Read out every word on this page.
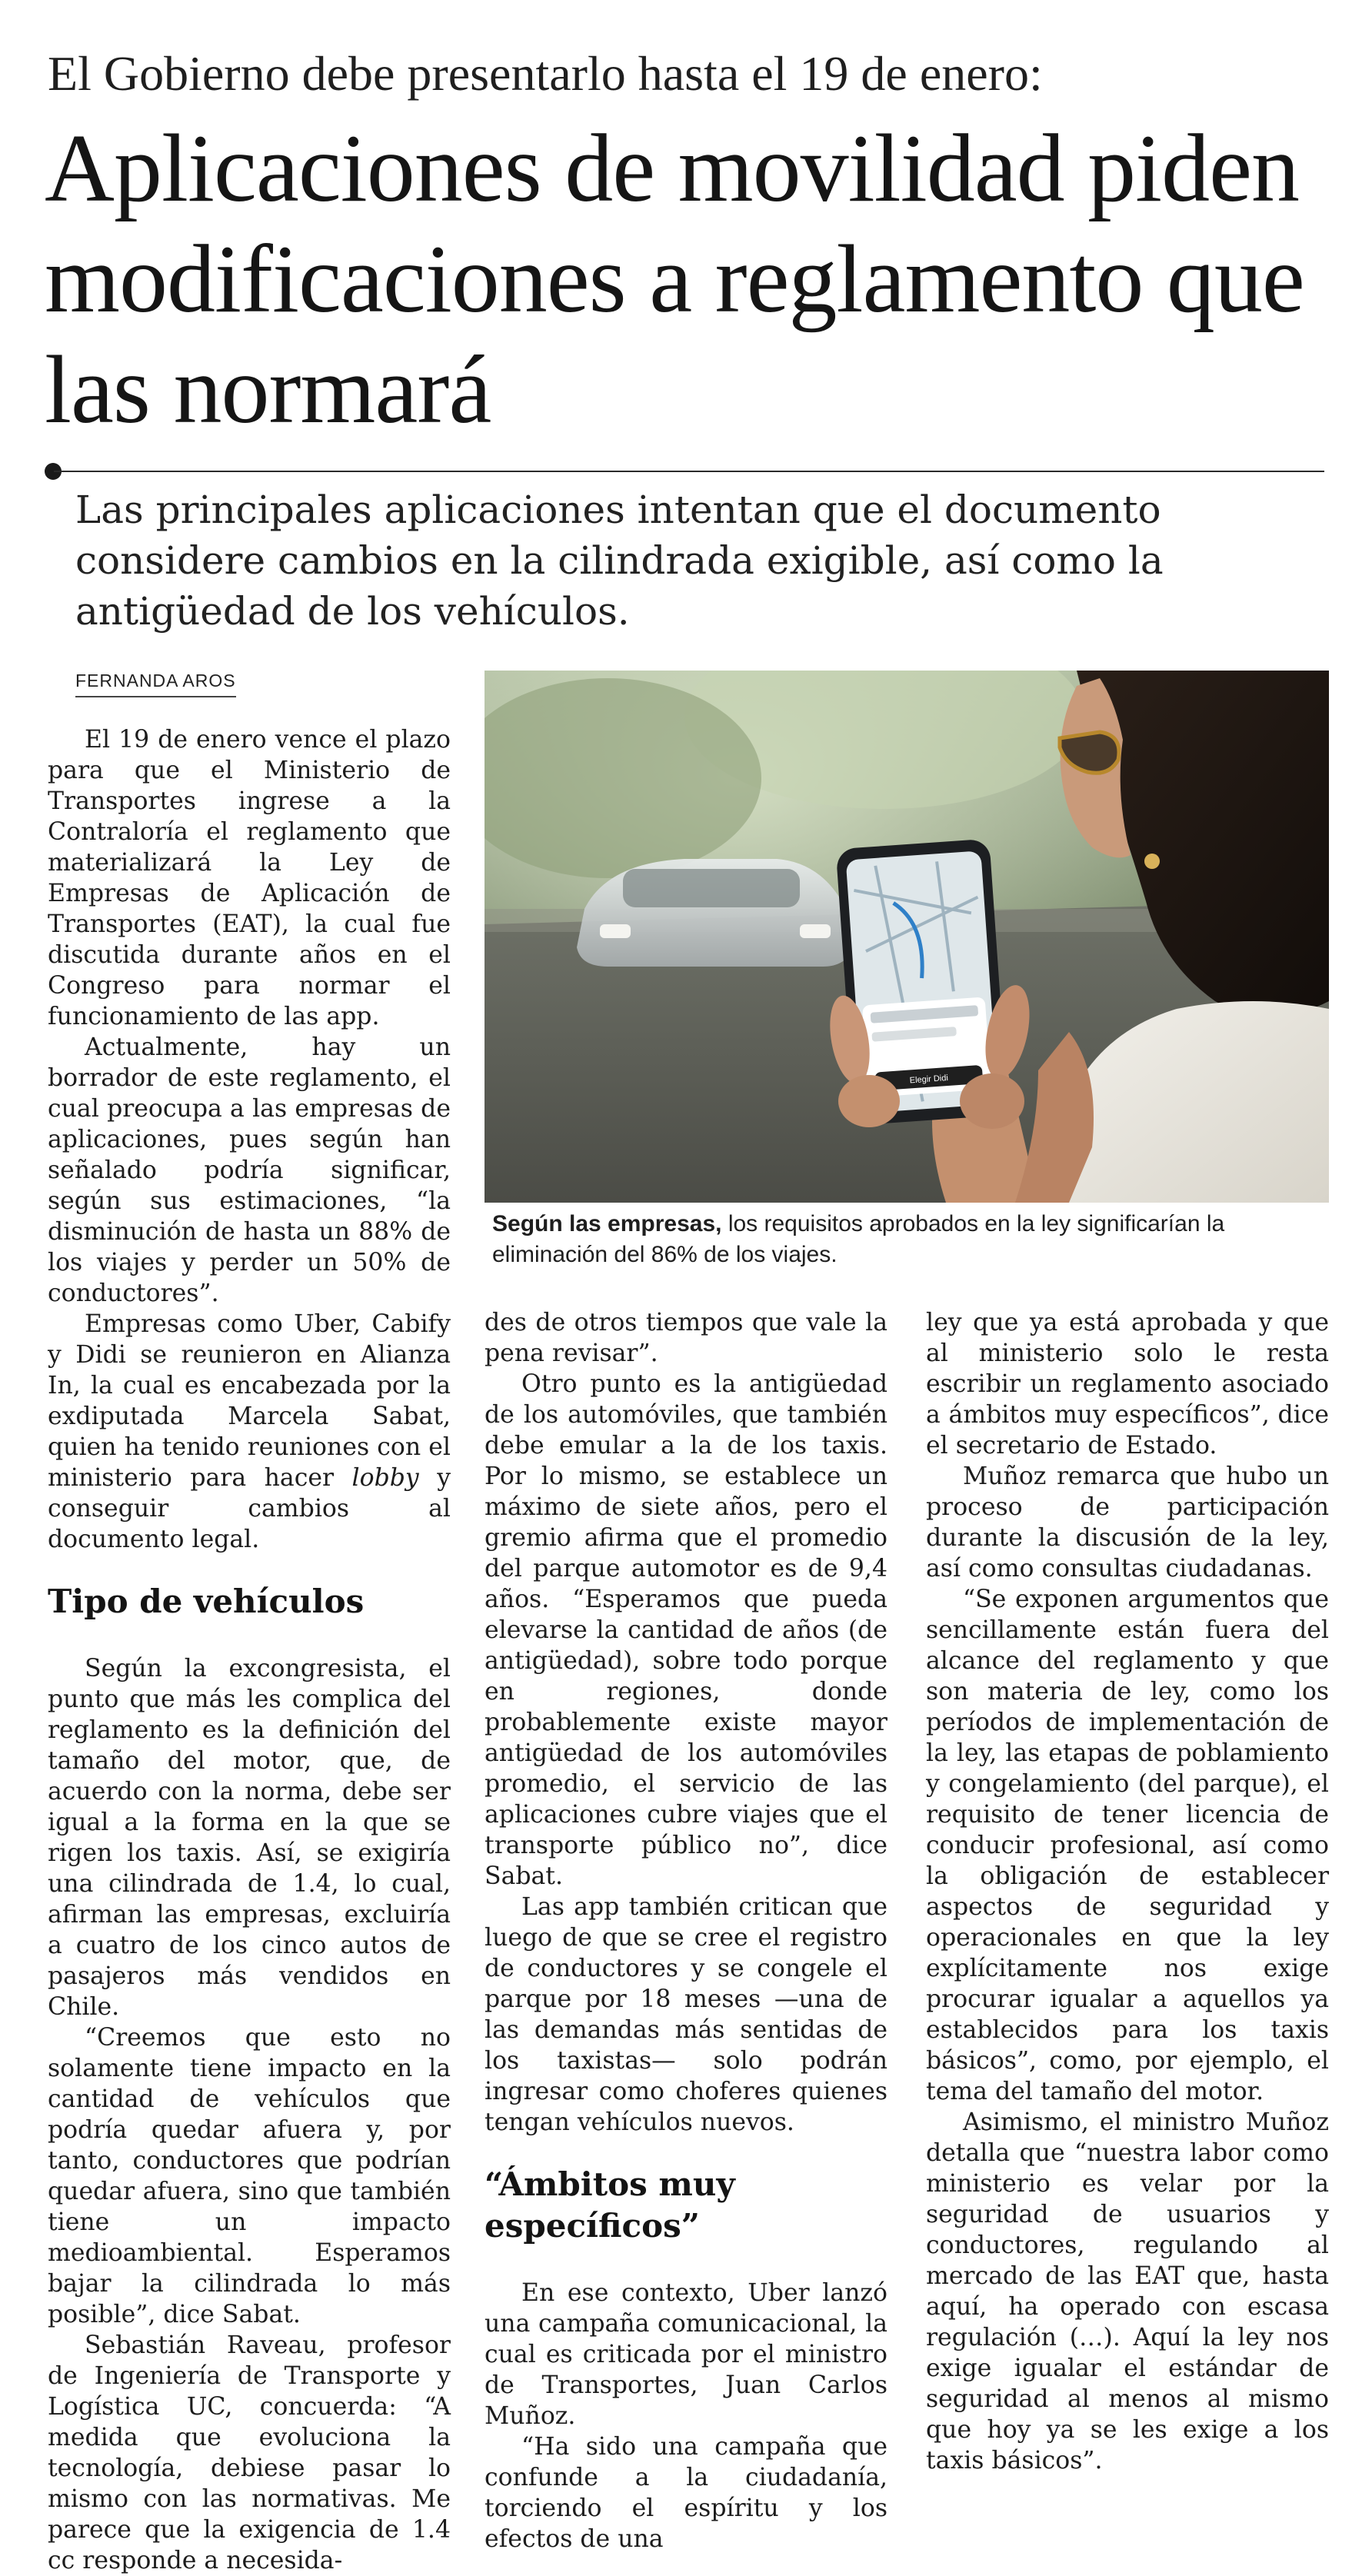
El Gobierno debe presentarlo hasta el 19 de enero:
Aplicaciones de movilidad piden modificaciones a reglamento que las normará
Las principales aplicaciones intentan que el documento considere cambios en la cilindrada exigible, así como la antigüedad de los vehículos.
FERNANDA AROS
Elegir Didi
Según las empresas, los requisitos aprobados en la ley significarían la eliminación del 86% de los viajes.

El 19 de enero vence el plazo para que el Ministerio de Transportes ingrese a la Contraloría el reglamento que materializará la Ley de Empresas de Aplicación de Transportes (EAT), la cual fue discutida durante años en el Congreso para normar el funcionamiento de las app.

Actualmente, hay un borrador de este reglamento, el cual preocupa a las empresas de aplicaciones, pues según han señalado podría significar, según sus estimaciones, “la disminución de hasta un 88% de los viajes y perder un 50% de conductores”.

Empresas como Uber, Cabify y Didi se reunieron en Alianza In, la cual es encabezada por la exdiputada Marcela Sabat, quien ha tenido reuniones con el ministerio para hacer lobby y conseguir cambios al documento legal.

Tipo de vehículos

Según la excongresista, el punto que más les complica del reglamento es la definición del tamaño del motor, que, de acuerdo con la norma, debe ser igual a la forma en la que se rigen los taxis. Así, se exigiría una cilindrada de 1.4, lo cual, afirman las empresas, excluiría a cuatro de los cinco autos de pasajeros más vendidos en Chile.

“Creemos que esto no solamente tiene impacto en la cantidad de vehículos que podría quedar afuera y, por tanto, conductores que podrían quedar afuera, sino que también tiene un impacto medioambiental. Esperamos bajar la cilindrada lo más posible”, dice Sabat.

Sebastián Raveau, profesor de Ingeniería de Transporte y Logística UC, concuerda: “A medida que evoluciona la tecnología, debiese pasar lo mismo con las normativas. Me parece que la exigencia de 1.4 cc responde a necesida-

des de otros tiempos que vale la pena revisar”.

Otro punto es la antigüedad de los automóviles, que también debe emular a la de los taxis. Por lo mismo, se establece un máximo de siete años, pero el gremio afirma que el promedio del parque automotor es de 9,4 años. “Esperamos que pueda elevarse la cantidad de años (de antigüedad), sobre todo porque en regiones, donde probablemente existe mayor antigüedad de los automóviles promedio, el servicio de las aplicaciones cubre viajes que el transporte público no”, dice Sabat.

Las app también critican que luego de que se cree el registro de conductores y se congele el parque por 18 meses —una de las demandas más sentidas de los taxistas— solo podrán ingresar como choferes quienes tengan vehículos nuevos.

“Ámbitos muy específicos”

En ese contexto, Uber lanzó una campaña comunicacional, la cual es criticada por el ministro de Transportes, Juan Carlos Muñoz.

“Ha sido una campaña que confunde a la ciudadanía, torciendo el espíritu y los efectos de una

ley que ya está aprobada y que al ministerio solo le resta escribir un reglamento asociado a ámbitos muy específicos”, dice el secretario de Estado.

Muñoz remarca que hubo un proceso de participación durante la discusión de la ley, así como consultas ciudadanas.

“Se exponen argumentos que sencillamente están fuera del alcance del reglamento y que son materia de ley, como los períodos de implementación de la ley, las etapas de poblamiento y congelamiento (del parque), el requisito de tener licencia de conducir profesional, así como la obligación de establecer aspectos de seguridad y operacionales en que la ley explícitamente nos exige procurar igualar a aquellos ya establecidos para los taxis básicos”, como, por ejemplo, el tema del tamaño del motor.

Asimismo, el ministro Muñoz detalla que “nuestra labor como ministerio es velar por la seguridad de usuarios y conductores, regulando al mercado de las EAT que, hasta aquí, ha operado con escasa regulación (…). Aquí la ley nos exige igualar el estándar de seguridad al menos al mismo que hoy ya se les exige a los taxis básicos”.
